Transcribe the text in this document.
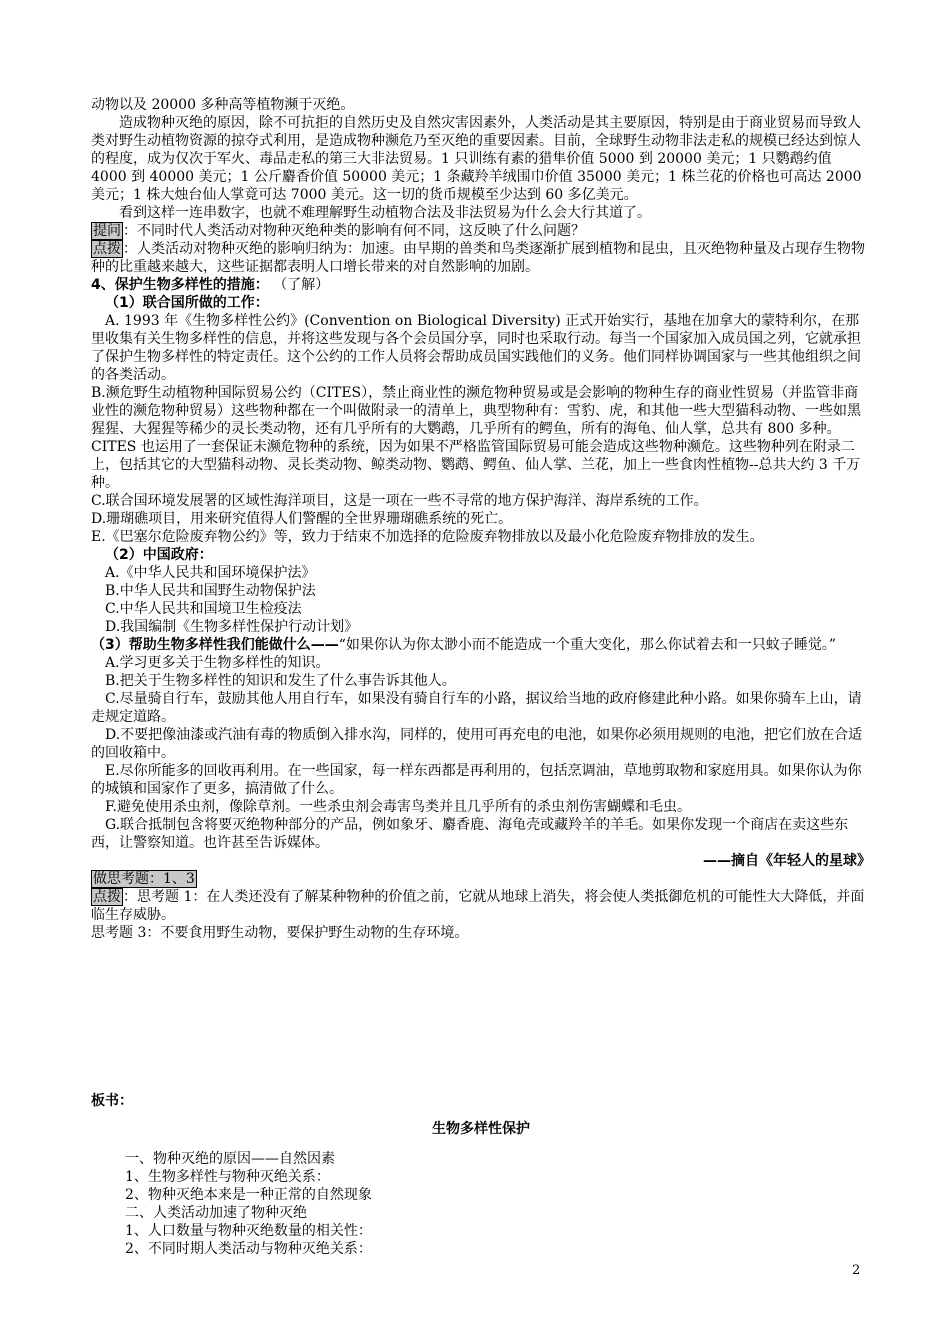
动物以及 20000 多种高等植物濒于灭绝。

造成物种灭绝的原因，除不可抗拒的自然历史及自然灾害因素外，人类活动是其主要原因，特别是由于商业贸易而导致人类对野生动植物资源的掠夺式利用，是造成物种濒危乃至灭绝的重要因素。目前，全球野生动物非法走私的规模已经达到惊人的程度，成为仅次于军火、毒品走私的第三大非法贸易。1 只训练有素的猎隼价值 5000 到 20000 美元；1 只鹦鹉约值 4000 到 40000 美元；1 公斤麝香价值 50000 美元；1 条藏羚羊绒围巾价值 35000 美元；1 株兰花的价格也可高达 2000 美元；1 株大烛台仙人掌竟可达 7000 美元。这一切的货币规模至少达到 60 多亿美元。

看到这样一连串数字，也就不难理解野生动植物合法及非法贸易为什么会大行其道了。

提问 ：不同时代人类活动对物种灭绝种类的影响有何不同，这反映了什么问题？

点拨 ：人类活动对物种灭绝的影响归纳为：加速。由早期的兽类和鸟类逐渐扩展到植物和昆虫，且灭绝物种量及占现存生物物种的比重越来越大，这些证据都表明人口增长带来的对自然影响的加剧。

4、保护生物多样性的措施： （了解）

（1）联合国所做的工作：

A. 1993 年《生物多样性公约》(Convention on Biological Diversity) 正式开始实行，基地在加拿大的蒙特利尔，在那里收集有关生物多样性的信息，并将这些发现与各个会员国分享，同时也采取行动。每当一个国家加入成员国之列，它就承担了保护生物多样性的特定责任。这个公约的工作人员将会帮助成员国实践他们的义务。他们同样协调国家与一些其他组织之间的各类活动。

B.濒危野生动植物种国际贸易公约（CITES），禁止商业性的濒危物种贸易或是会影响的物种生存的商业性贸易（并监管非商业性的濒危物种贸易）这些物种都在一个叫做附录一的清单上，典型物种有：雪豹、虎，和其他一些大型猫科动物、一些如黑猩猩、大猩猩等稀少的灵长类动物，还有几乎所有的大鹦鹉，几乎所有的鳄鱼，所有的海龟、仙人掌，总共有 800 多种。CITES 也运用了一套保证未濒危物种的系统，因为如果不严格监管国际贸易可能会造成这些物种濒危。这些物种列在附录二上，包括其它的大型猫科动物、灵长类动物、鲸类动物、鹦鹉、鳄鱼、仙人掌、兰花，加上一些食肉性植物--总共大约 3 千万种。

C.联合国环境发展署的区域性海洋项目，这是一项在一些不寻常的地方保护海洋、海岸系统的工作。

D.珊瑚礁项目，用来研究值得人们警醒的全世界珊瑚礁系统的死亡。

E.《巴塞尔危险废弃物公约》等，致力于结束不加选择的危险废弃物排放以及最小化危险废弃物排放的发生。

（2）中国政府：

A.《中华人民共和国环境保护法》

B.中华人民共和国野生动物保护法

C.中华人民共和国境卫生检疫法

D.我国编制《生物多样性保护行动计划》

（3）帮助生物多样性我们能做什么——“如果你认为你太渺小而不能造成一个重大变化，那么你试着去和一只蚊子睡觉。”

A.学习更多关于生物多样性的知识。

B.把关于生物多样性的知识和发生了什么事告诉其他人。

C.尽量骑自行车，鼓励其他人用自行车，如果没有骑自行车的小路，据议给当地的政府修建此种小路。如果你骑车上山，请走规定道路。

D.不要把像油漆或汽油有毒的物质倒入排水沟，同样的，使用可再充电的电池，如果你必须用规则的电池，把它们放在合适的回收箱中。

E.尽你所能多的回收再利用。在一些国家，每一样东西都是再利用的，包括烹调油，草地剪取物和家庭用具。如果你认为你的城镇和国家作了更多，搞清做了什么。

F.避免使用杀虫剂，像除草剂。一些杀虫剂会毒害鸟类并且几乎所有的杀虫剂伤害蝴蝶和毛虫。

G.联合抵制包含将要灭绝物种部分的产品，例如象牙、麝香鹿、海龟壳或藏羚羊的羊毛。如果你发现一个商店在卖这些东西，让警察知道。也许甚至告诉媒体。

——摘自《年轻人的星球》

做思考题：1、3

点拨 ：思考题 1：在人类还没有了解某种物种的价值之前，它就从地球上消失，将会使人类抵御危机的可能性大大降低，并面临生存威胁。

思考题 3：不要食用野生动物，要保护野生动物的生存环境。

板书：

生物多样性保护

一、物种灭绝的原因——自然因素

1、生物多样性与物种灭绝关系：

2、物种灭绝本来是一种正常的自然现象

二、人类活动加速了物种灭绝

1、人口数量与物种灭绝数量的相关性：

2、不同时期人类活动与物种灭绝关系：

2
